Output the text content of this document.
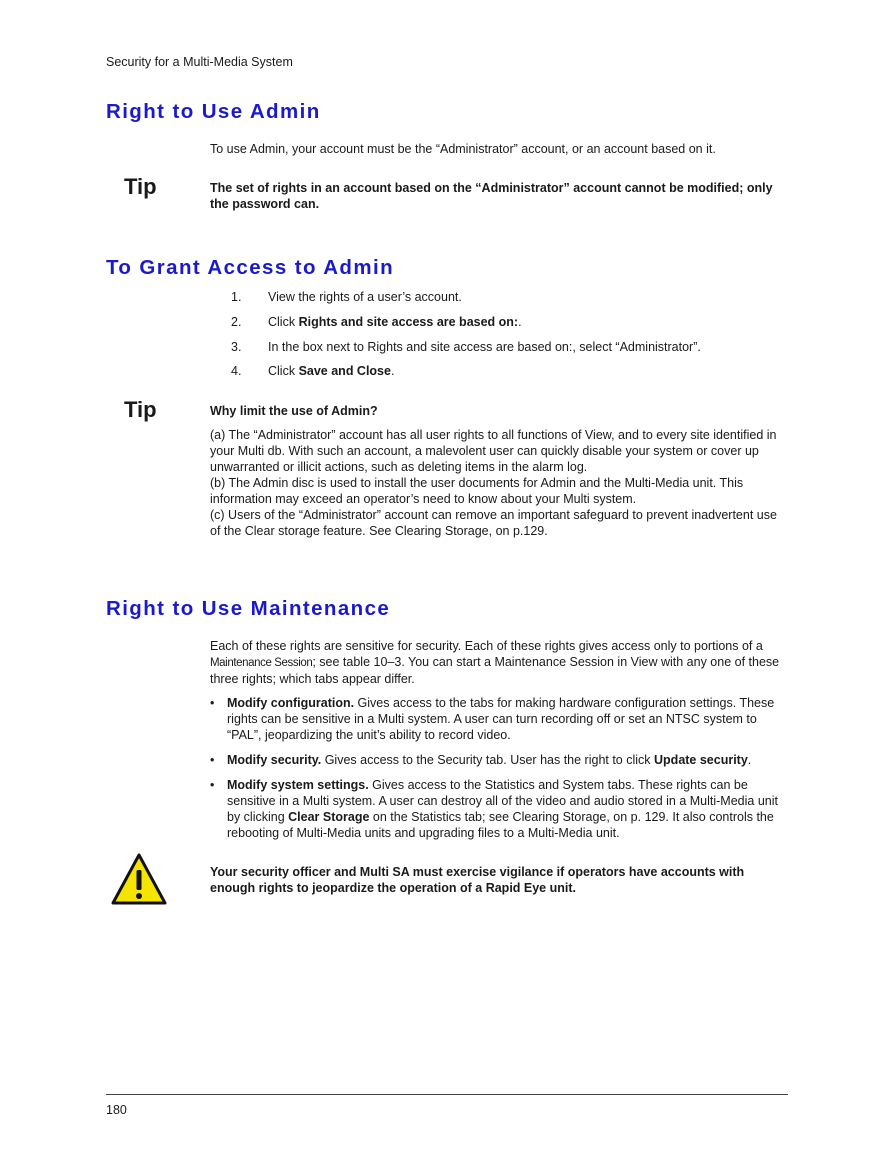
Security for a Multi-Media System
Right to Use Admin
To use Admin, your account must be the “Administrator” account, or an account based on it.
Tip	The set of rights in an account based on the “Administrator” account cannot be modified; only the password can.
To Grant Access to Admin
1. View the rights of a user’s account.
2. Click Rights and site access are based on:.
3. In the box next to Rights and site access are based on:, select “Administrator”.
4. Click Save and Close.
Tip	Why limit the use of Admin?
(a) The “Administrator” account has all user rights to all functions of View, and to every site identified in your Multi db. With such an account, a malevolent user can quickly disable your system or cover up unwarranted or illicit actions, such as deleting items in the alarm log.
(b) The Admin disc is used to install the user documents for Admin and the Multi-Media unit. This information may exceed an operator’s need to know about your Multi system.
(c) Users of the “Administrator” account can remove an important safeguard to prevent inadvertent use of the Clear storage feature. See Clearing Storage, on p.129.
Right to Use Maintenance
Each of these rights are sensitive for security. Each of these rights gives access only to portions of a Maintenance Session; see table 10–3. You can start a Maintenance Session in View with any one of these three rights; which tabs appear differ.
• Modify configuration. Gives access to the tabs for making hardware configuration settings. These rights can be sensitive in a Multi system. A user can turn recording off or set an NTSC system to “PAL”, jeopardizing the unit’s ability to record video.
• Modify security. Gives access to the Security tab. User has the right to click Update security.
• Modify system settings. Gives access to the Statistics and System tabs. These rights can be sensitive in a Multi system. A user can destroy all of the video and audio stored in a Multi-Media unit by clicking Clear Storage on the Statistics tab; see Clearing Storage, on p. 129. It also controls the rebooting of Multi-Media units and upgrading files to a Multi-Media unit.
Your security officer and Multi SA must exercise vigilance if operators have accounts with enough rights to jeopardize the operation of a Rapid Eye unit.
180
